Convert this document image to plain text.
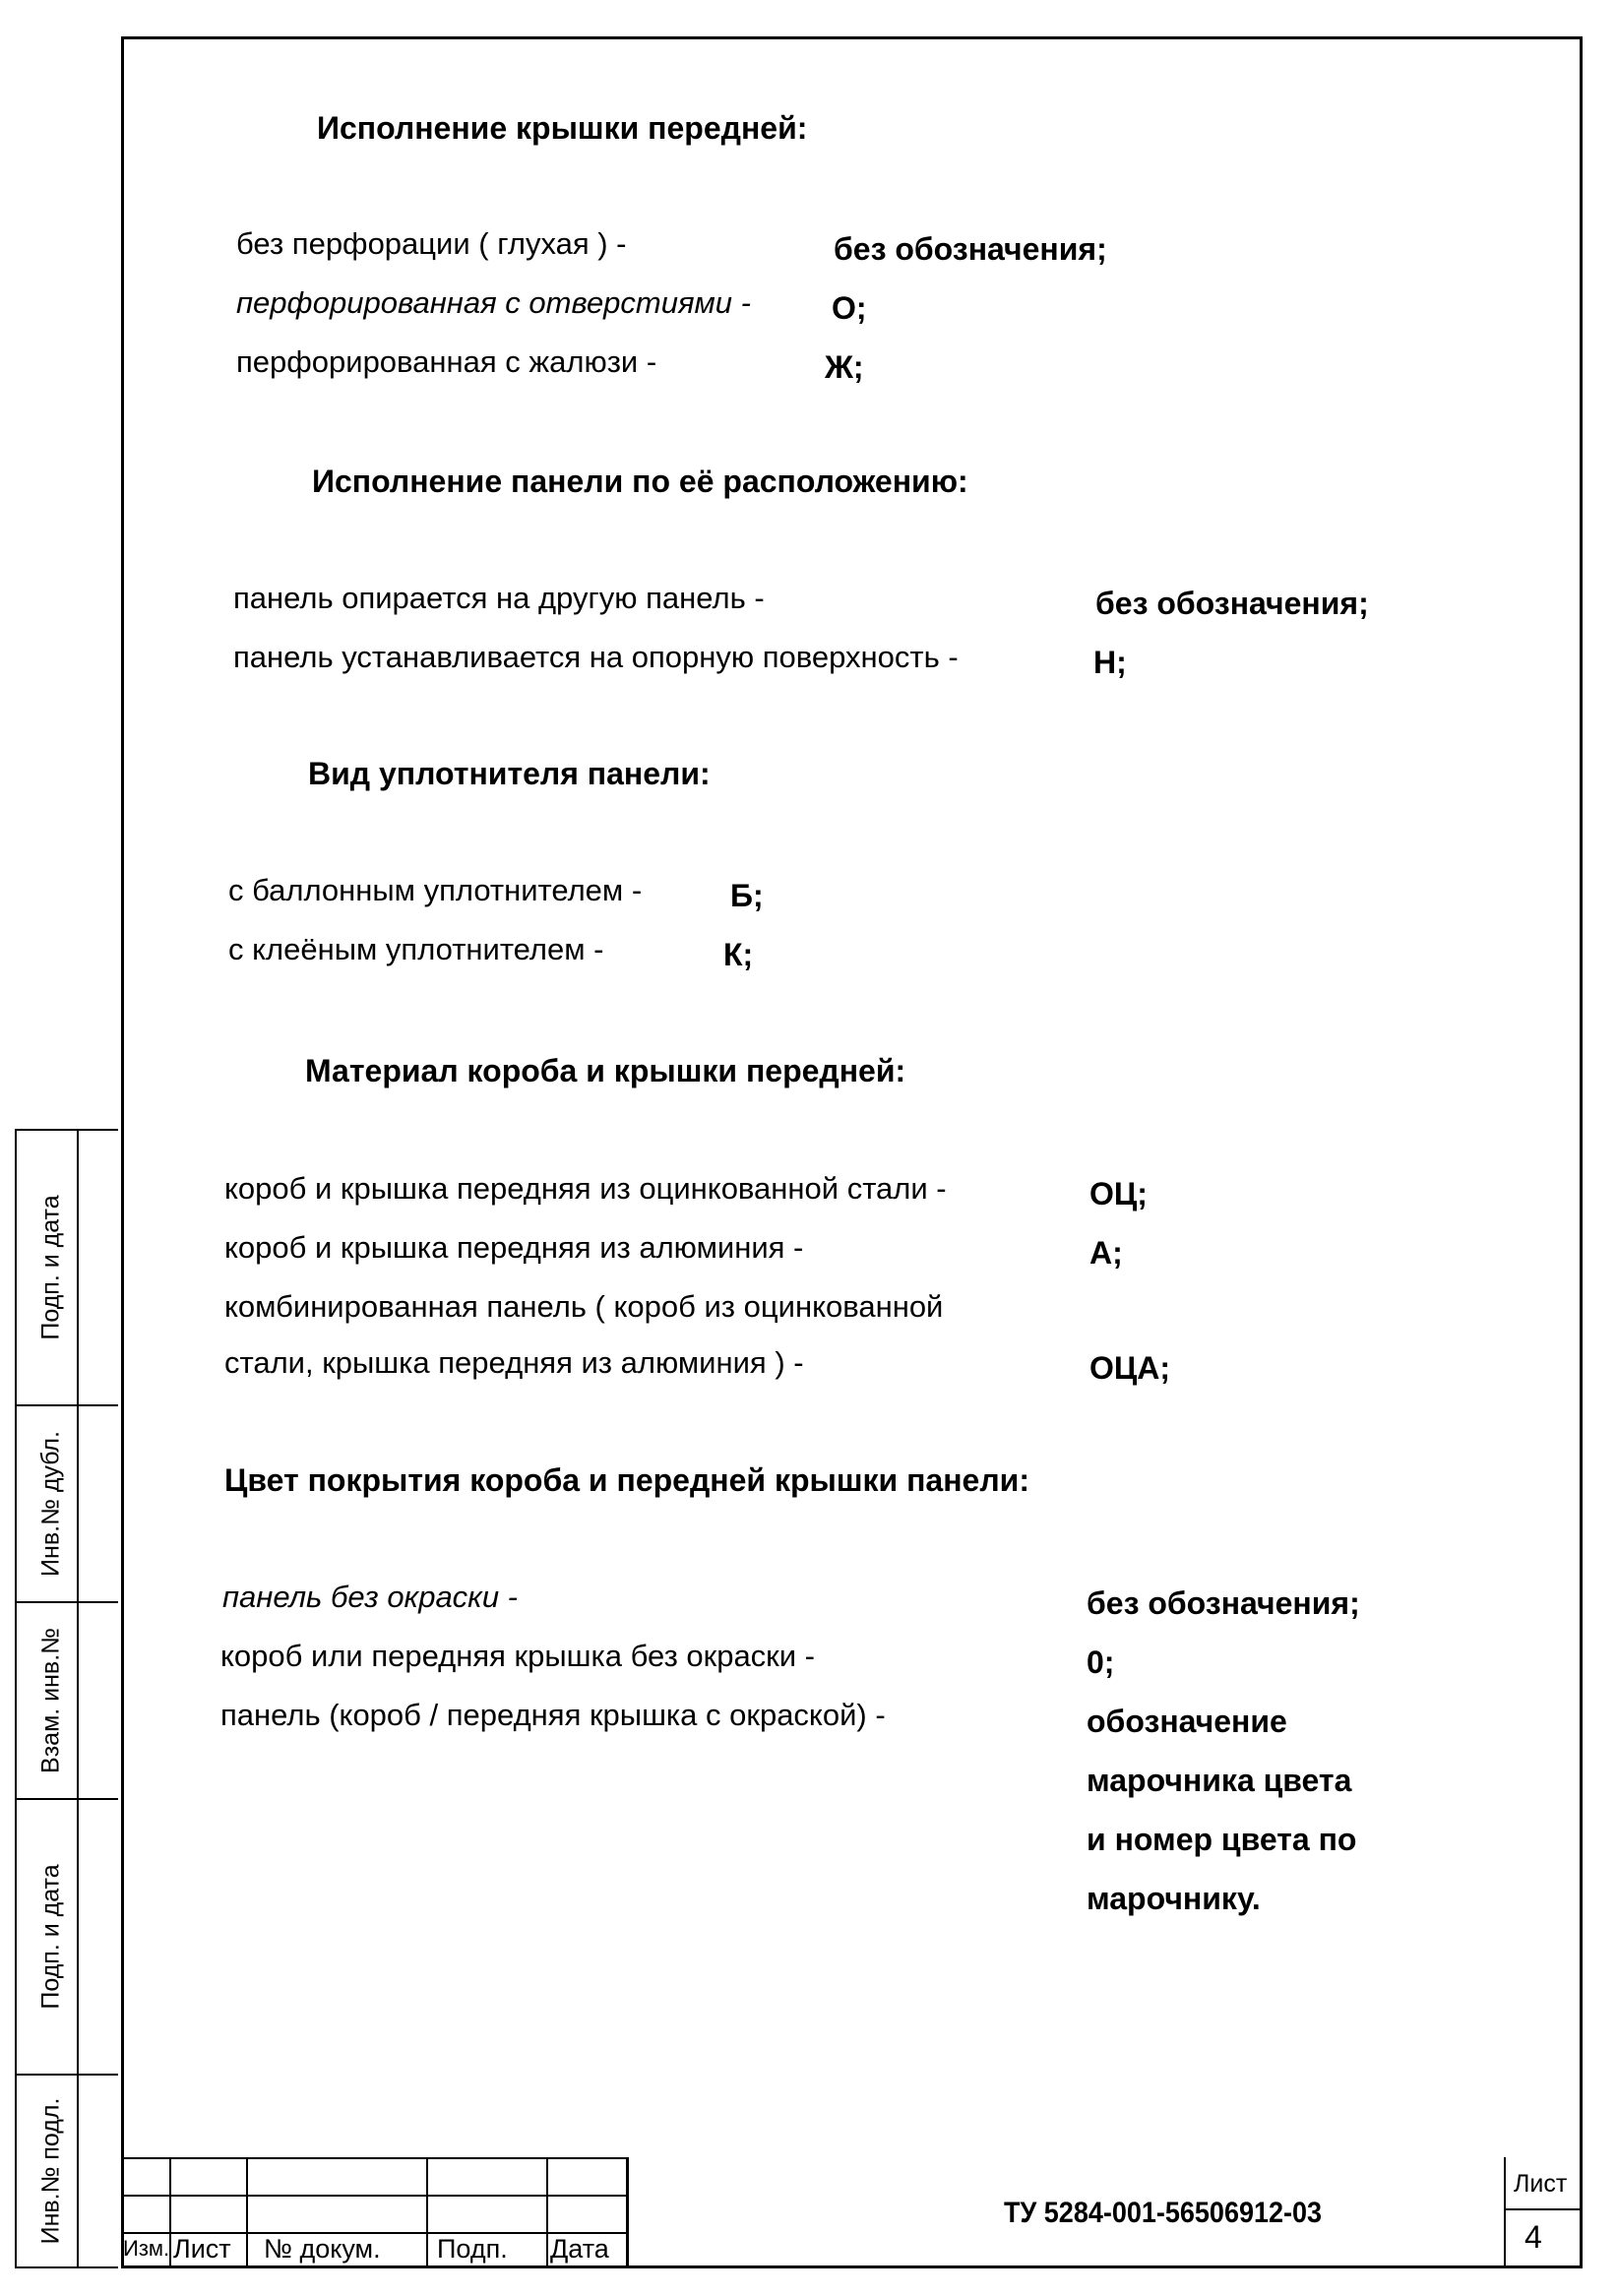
Исполнение крышки передней:
без перфорации ( глухая ) -	без обозначения;
перфорированная с отверстиями -	О;
перфорированная с жалюзи -	Ж;
Исполнение панели по её расположению:
панель опирается на другую панель -	без обозначения;
панель устанавливается на опорную поверхность -	Н;
Вид уплотнителя панели:
с баллонным уплотнителем -	Б;
с клеёным уплотнителем -	К;
Материал короба и крышки передней:
короб и крышка передняя из оцинкованной стали -	ОЦ;
короб и крышка передняя из алюминия -	А;
комбинированная панель ( короб из оцинкованной
стали, крышка передняя из алюминия ) -	ОЦА;
Цвет покрытия короба и передней крышки панели:
панель без окраски -	без обозначения;
короб или передняя крышка без окраски -	0;
панель (короб / передняя крышка с окраской) -	обозначение
марочника цвета
и номер цвета по
марочнику.
Подп. и дата
Инв.№ дубл.
Взам. инв.№
Подп. и дата
Инв.№ подл.
Изм. Лист № докум. Подп. Дата
ТУ 5284-001-56506912-03
Лист
4
